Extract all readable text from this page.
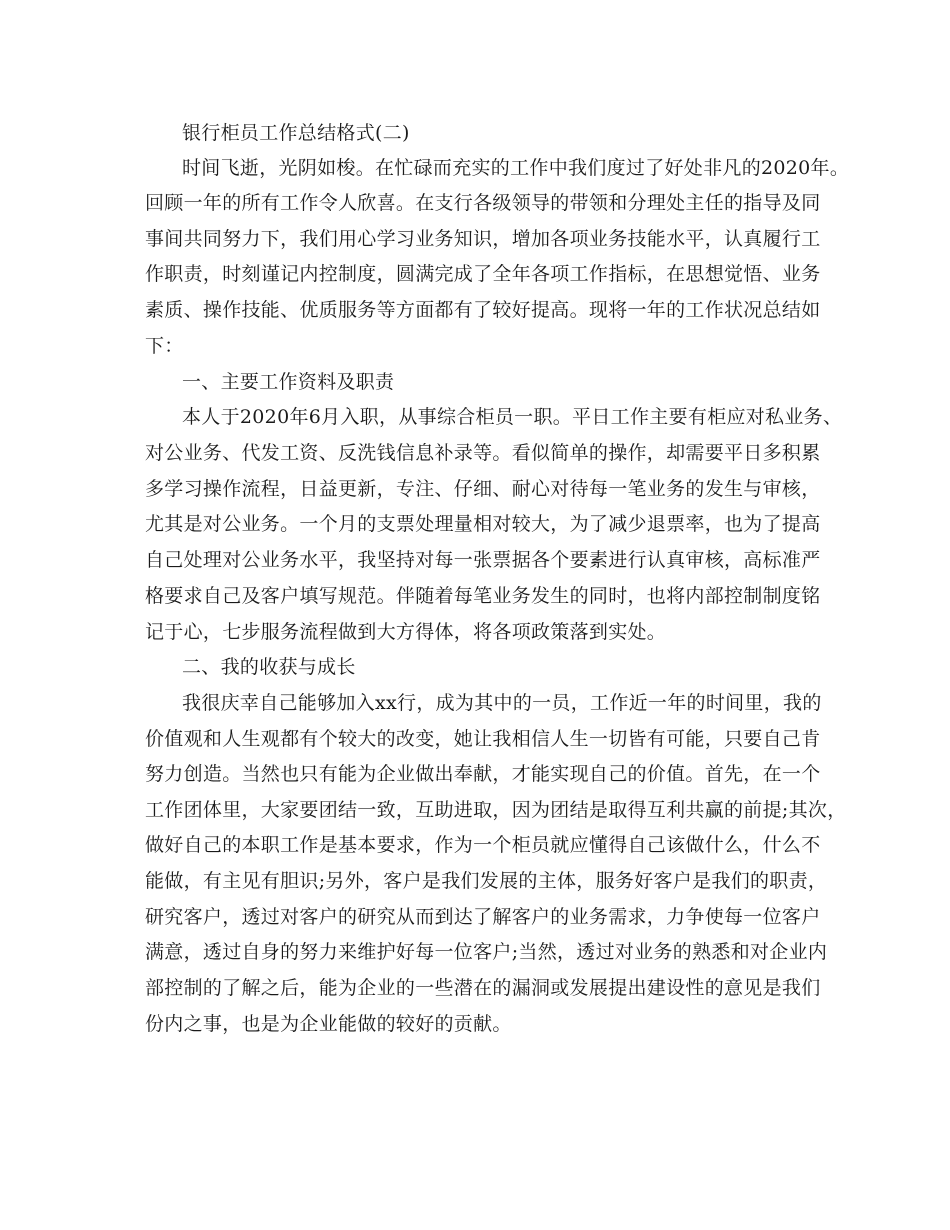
银行柜员工作总结格式(二)
时间飞逝，光阴如梭。在忙碌而充实的工作中我们度过了好处非凡的2020年。
回顾一年的所有工作令人欣喜。在支行各级领导的带领和分理处主任的指导及同
事间共同努力下，我们用心学习业务知识，增加各项业务技能水平，认真履行工
作职责，时刻谨记内控制度，圆满完成了全年各项工作指标，在思想觉悟、业务
素质、操作技能、优质服务等方面都有了较好提高。现将一年的工作状况总结如
下：
一、主要工作资料及职责
本人于2020年6月入职，从事综合柜员一职。平日工作主要有柜应对私业务、
对公业务、代发工资、反洗钱信息补录等。看似简单的操作，却需要平日多积累
多学习操作流程，日益更新，专注、仔细、耐心对待每一笔业务的发生与审核，
尤其是对公业务。一个月的支票处理量相对较大，为了减少退票率，也为了提高
自己处理对公业务水平，我坚持对每一张票据各个要素进行认真审核，高标准严
格要求自己及客户填写规范。伴随着每笔业务发生的同时，也将内部控制制度铭
记于心，七步服务流程做到大方得体，将各项政策落到实处。
二、我的收获与成长
我很庆幸自己能够加入xx行，成为其中的一员，工作近一年的时间里，我的
价值观和人生观都有个较大的改变，她让我相信人生一切皆有可能，只要自己肯
努力创造。当然也只有能为企业做出奉献，才能实现自己的价值。首先，在一个
工作团体里，大家要团结一致，互助进取，因为团结是取得互利共赢的前提;其次，
做好自己的本职工作是基本要求，作为一个柜员就应懂得自己该做什么，什么不
能做，有主见有胆识;另外，客户是我们发展的主体，服务好客户是我们的职责，
研究客户，透过对客户的研究从而到达了解客户的业务需求，力争使每一位客户
满意，透过自身的努力来维护好每一位客户;当然，透过对业务的熟悉和对企业内
部控制的了解之后，能为企业的一些潜在的漏洞或发展提出建设性的意见是我们
份内之事，也是为企业能做的较好的贡献。
